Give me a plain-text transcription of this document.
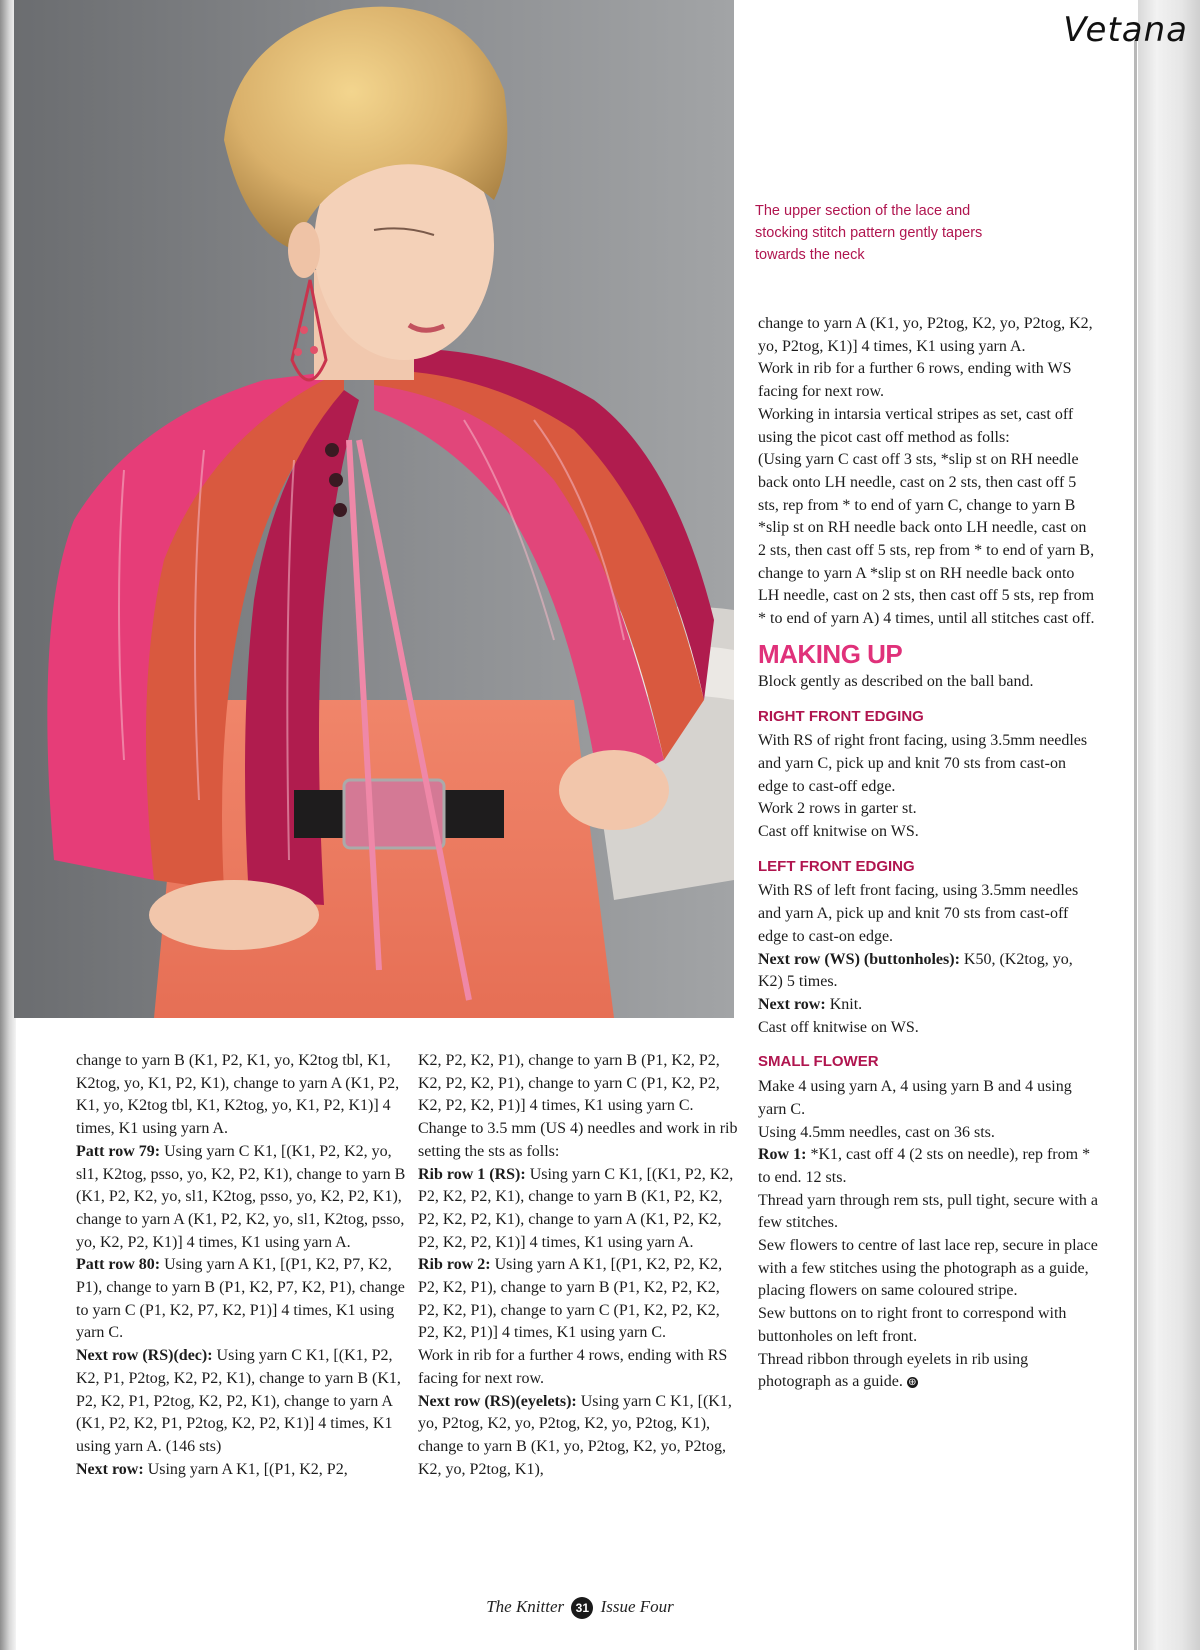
Vetana
The upper section of the lace and stocking stitch pattern gently tapers towards the neck

change to yarn B (K1, P2, K1, yo, K2tog tbl, K1, K2tog, yo, K1, P2, K1), change to yarn A (K1, P2, K1, yo, K2tog tbl, K1, K2tog, yo, K1, P2, K1)] 4 times, K1 using yarn A.

Patt row 79: Using yarn C K1, [(K1, P2, K2, yo, sl1, K2tog, psso, yo, K2, P2, K1), change to yarn B (K1, P2, K2, yo, sl1, K2tog, psso, yo, K2, P2, K1), change to yarn A (K1, P2, K2, yo, sl1, K2tog, psso, yo, K2, P2, K1)] 4 times, K1 using yarn A.

Patt row 80: Using yarn A K1, [(P1, K2, P7, K2, P1), change to yarn B (P1, K2, P7, K2, P1), change to yarn C (P1, K2, P7, K2, P1)] 4 times, K1 using yarn C.

Next row (RS)(dec): Using yarn C K1, [(K1, P2, K2, P1, P2tog, K2, P2, K1), change to yarn B (K1, P2, K2, P1, P2tog, K2, P2, K1), change to yarn A (K1, P2, K2, P1, P2tog, K2, P2, K1)] 4 times, K1 using yarn A. (146 sts)

Next row: Using yarn A K1, [(P1, K2, P2,

K2, P2, K2, P1), change to yarn B (P1, K2, P2, K2, P2, K2, P1), change to yarn C (P1, K2, P2, K2, P2, K2, P1)] 4 times, K1 using yarn C.

Change to 3.5 mm (US 4) needles and work in rib setting the sts as folls:

Rib row 1 (RS): Using yarn C K1, [(K1, P2, K2, P2, K2, P2, K1), change to yarn B (K1, P2, K2, P2, K2, P2, K1), change to yarn A (K1, P2, K2, P2, K2, P2, K1)] 4 times, K1 using yarn A.

Rib row 2: Using yarn A K1, [(P1, K2, P2, K2, P2, K2, P1), change to yarn B (P1, K2, P2, K2, P2, K2, P1), change to yarn C (P1, K2, P2, K2, P2, K2, P1)] 4 times, K1 using yarn C.

Work in rib for a further 4 rows, ending with RS facing for next row.

Next row (RS)(eyelets): Using yarn C K1, [(K1, yo, P2tog, K2, yo, P2tog, K2, yo, P2tog, K1), change to yarn B (K1, yo, P2tog, K2, yo, P2tog, K2, yo, P2tog, K1),

change to yarn A (K1, yo, P2tog, K2, yo, P2tog, K2, yo, P2tog, K1)] 4 times, K1 using yarn A.

Work in rib for a further 6 rows, ending with WS facing for next row.

Working in intarsia vertical stripes as set, cast off using the picot cast off method as folls:

(Using yarn C cast off 3 sts, *slip st on RH needle back onto LH needle, cast on 2 sts, then cast off 5 sts, rep from * to end of yarn C, change to yarn B *slip st on RH needle back onto LH needle, cast on 2 sts, then cast off 5 sts, rep from * to end of yarn B, change to yarn A *slip st on RH needle back onto LH needle, cast on 2 sts, then cast off 5 sts, rep from * to end of yarn A) 4 times, until all stitches cast off.

MAKING UP

Block gently as described on the ball band.

RIGHT FRONT EDGING

With RS of right front facing, using 3.5mm needles and yarn C, pick up and knit 70 sts from cast-on edge to cast-off edge.

Work 2 rows in garter st.

Cast off knitwise on WS.

LEFT FRONT EDGING

With RS of left front facing, using 3.5mm needles and yarn A, pick up and knit 70 sts from cast-off edge to cast-on edge.

Next row (WS) (buttonholes): K50, (K2tog, yo, K2) 5 times.

Next row: Knit.

Cast off knitwise on WS.

SMALL FLOWER

Make 4 using yarn A, 4 using yarn B and 4 using yarn C.

Using 4.5mm needles, cast on 36 sts.

Row 1: *K1, cast off 4 (2 sts on needle), rep from * to end. 12 sts.

Thread yarn through rem sts, pull tight, secure with a few stitches.

Sew flowers to centre of last lace rep, secure in place with a few stitches using the photograph as a guide, placing flowers on same coloured stripe.

Sew buttons on to right front to correspond with buttonholes on left front.

Thread ribbon through eyelets in rib using photograph as a guide. ⊕

The Knitter 31 Issue Four
